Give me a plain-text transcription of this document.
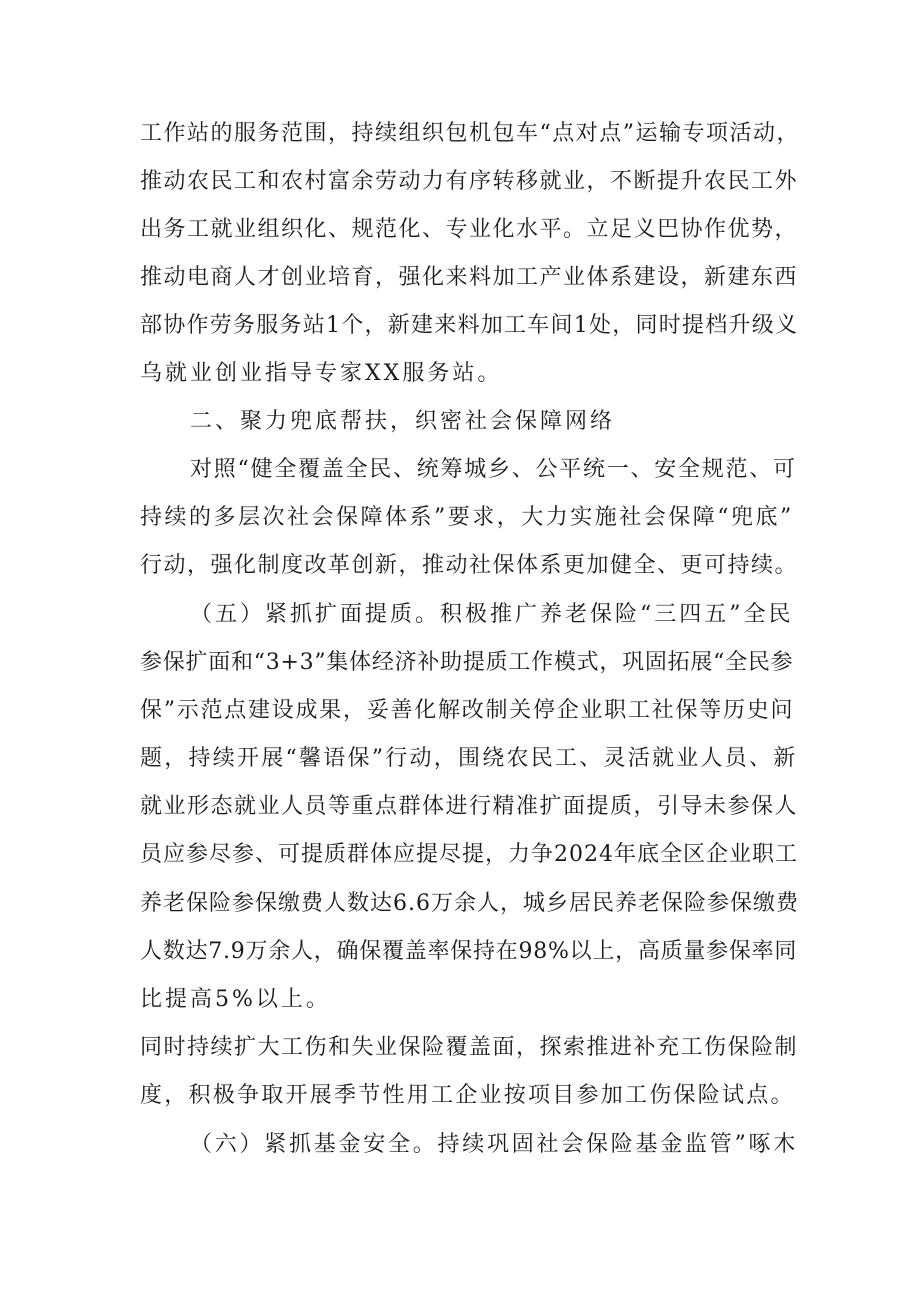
工作站的服务范围，持续组织包机包车“点对点”运输专项活动，
推动农民工和农村富余劳动力有序转移就业，不断提升农民工外
出务工就业组织化、规范化、专业化水平。立足义巴协作优势，
推动电商人才创业培育，强化来料加工产业体系建设，新建东西
部协作劳务服务站1个，新建来料加工车间1处，同时提档升级义
乌就业创业指导专家XX服务站。
二、聚力兜底帮扶，织密社会保障网络
对照“健全覆盖全民、统筹城乡、公平统一、安全规范、可
持续的多层次社会保障体系”要求，大力实施社会保障“兜底”
行动，强化制度改革创新，推动社保体系更加健全、更可持续。
（五）紧抓扩面提质。积极推广养老保险“三四五”全民
参保扩面和“3+3”集体经济补助提质工作模式，巩固拓展“全民参
保”示范点建设成果，妥善化解改制关停企业职工社保等历史问
题，持续开展“馨语保”行动，围绕农民工、灵活就业人员、新
就业形态就业人员等重点群体进行精准扩面提质，引导未参保人
员应参尽参、可提质群体应提尽提，力争2024年底全区企业职工
养老保险参保缴费人数达6.6万余人，城乡居民养老保险参保缴费
人数达7.9万余人，确保覆盖率保持在98%以上，高质量参保率同
比提高5%以上。
同时持续扩大工伤和失业保险覆盖面，探索推进补充工伤保险制
度，积极争取开展季节性用工企业按项目参加工伤保险试点。
（六）紧抓基金安全。持续巩固社会保险基金监管”啄木
